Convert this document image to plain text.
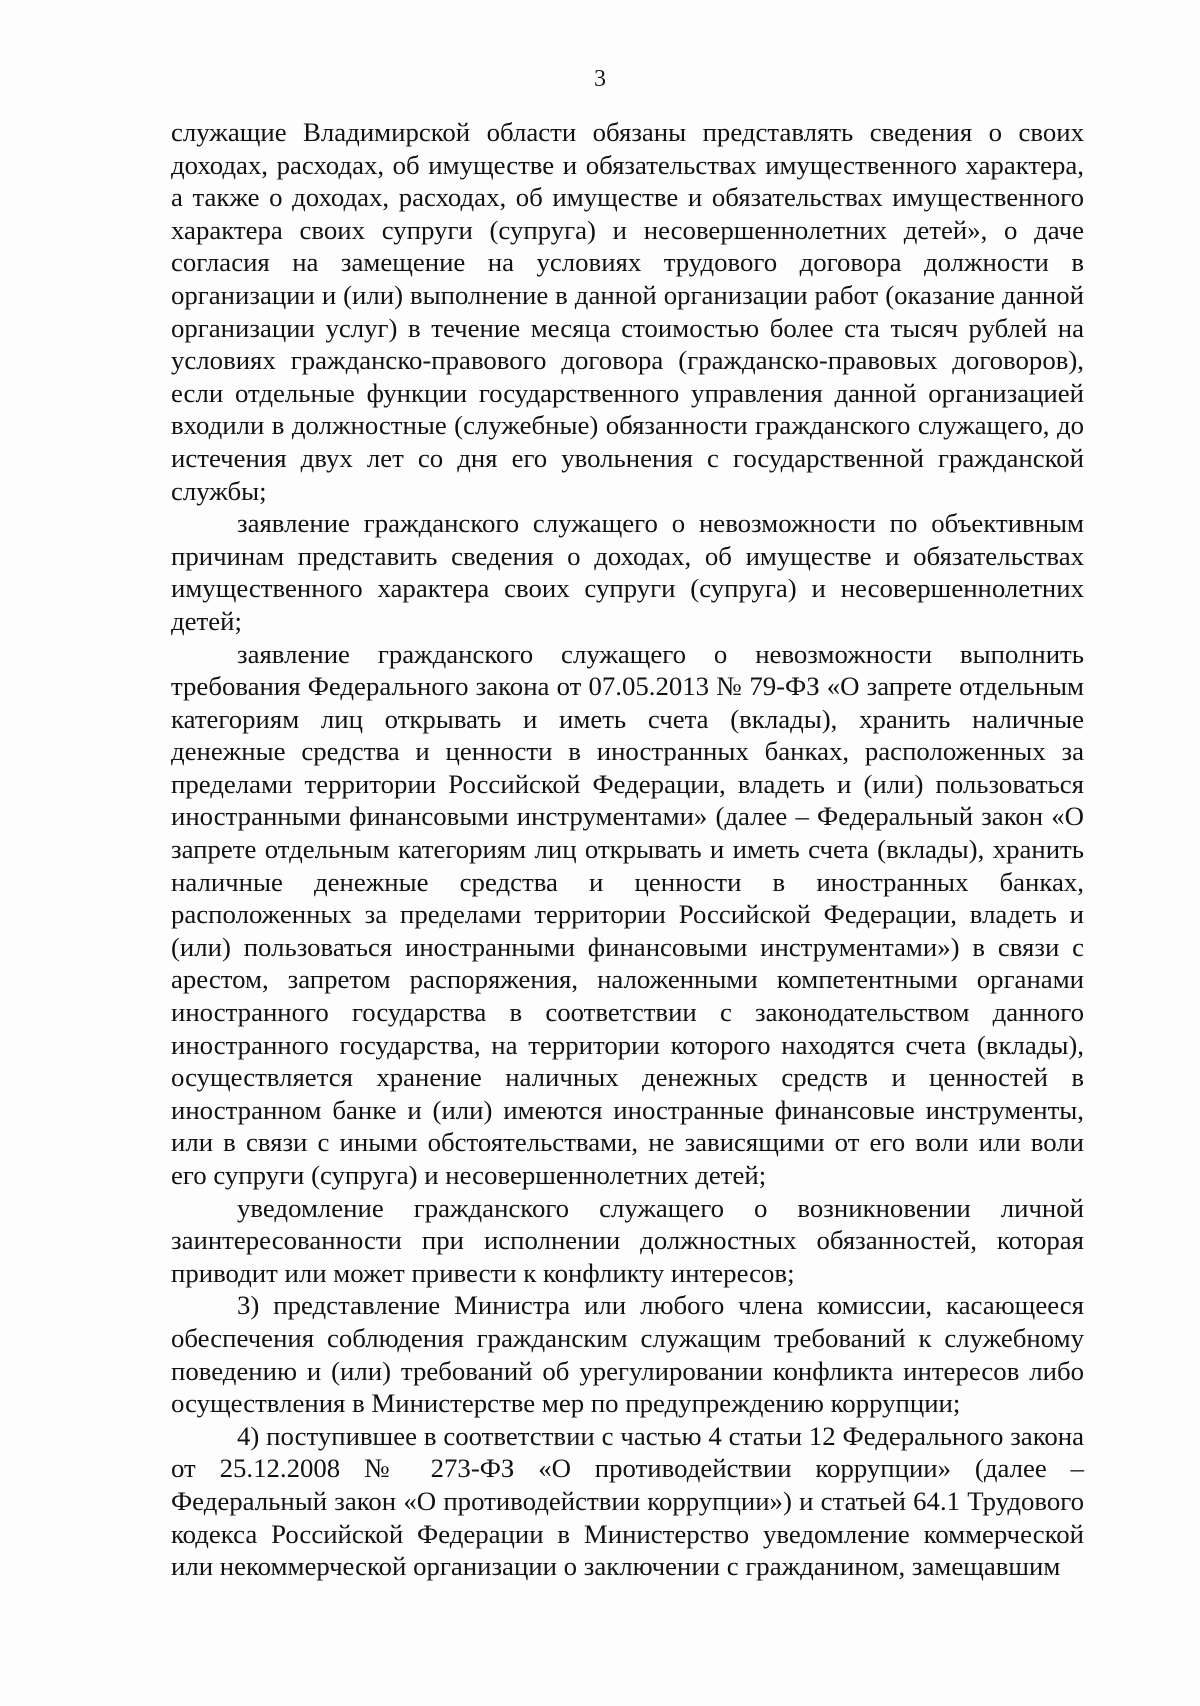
3

служащие Владимирской области обязаны представлять сведения о своих доходах, расходах, об имуществе и обязательствах имущественного характера, а также о доходах, расходах, об имуществе и обязательствах имущественного характера своих супруги (супруга) и несовершеннолетних детей», о даче согласия на замещение на условиях трудового договора должности в организации и (или) выполнение в данной организации работ (оказание данной организации услуг) в течение месяца стоимостью более ста тысяч рублей на условиях гражданско-правового договора (гражданско-правовых договоров), если отдельные функции государственного управления данной организацией входили в должностные (служебные) обязанности гражданского служащего, до истечения двух лет со дня его увольнения с государственной гражданской службы;

заявление гражданского служащего о невозможности по объективным причинам представить сведения о доходах, об имуществе и обязательствах имущественного характера своих супруги (супруга) и несовершеннолетних детей;

заявление гражданского служащего о невозможности выполнить требования Федерального закона от 07.05.2013 № 79-ФЗ «О запрете отдельным категориям лиц открывать и иметь счета (вклады), хранить наличные денежные средства и ценности в иностранных банках, расположенных за пределами территории Российской Федерации, владеть и (или) пользоваться иностранными финансовыми инструментами» (далее – Федеральный закон «О запрете отдельным категориям лиц открывать и иметь счета (вклады), хранить наличные денежные средства и ценности в иностранных банках, расположенных за пределами территории Российской Федерации, владеть и (или) пользоваться иностранными финансовыми инструментами») в связи с арестом, запретом распоряжения, наложенными компетентными органами иностранного государства в соответствии с законодательством данного иностранного государства, на территории которого находятся счета (вклады), осуществляется хранение наличных денежных средств и ценностей в иностранном банке и (или) имеются иностранные финансовые инструменты, или в связи с иными обстоятельствами, не зависящими от его воли или воли его супруги (супруга) и несовершеннолетних детей;

уведомление гражданского служащего о возникновении личной заинтересованности при исполнении должностных обязанностей, которая приводит или может привести к конфликту интересов;

3) представление Министра или любого члена комиссии, касающееся обеспечения соблюдения гражданским служащим требований к служебному поведению и (или) требований об урегулировании конфликта интересов либо осуществления в Министерстве мер по предупреждению коррупции;

4) поступившее в соответствии с частью 4 статьи 12 Федерального закона от 25.12.2008 № 273-ФЗ «О противодействии коррупции» (далее – Федеральный закон «О противодействии коррупции») и статьей 64.1 Трудового кодекса Российской Федерации в Министерство уведомление коммерческой или некоммерческой организации о заключении с гражданином, замещавшим
